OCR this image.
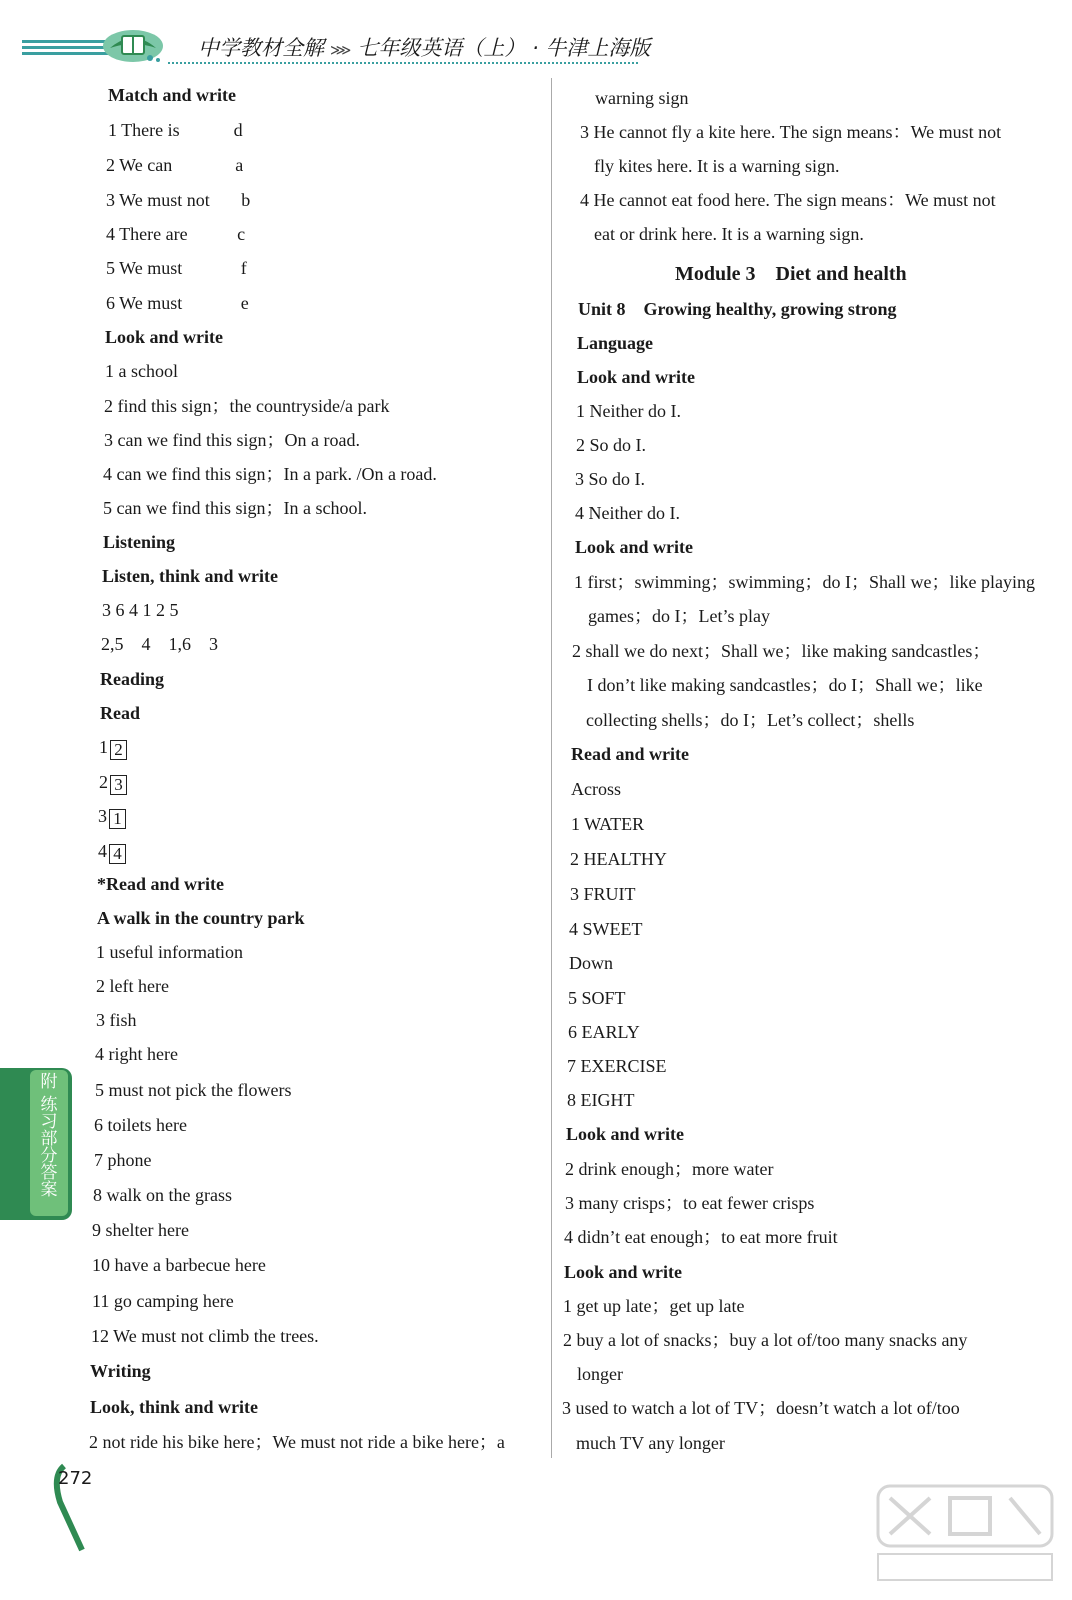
中学教材全解 ⋙ 七年级英语（上） · 牛津上海版
Match and write
1 There is            d
2 We can              a
3 We must not       b
4 There are           c
5 We must             f
6 We must             e
Look and write
1 a school
2 find this sign；the countryside/a park
3 can we find this sign；On a road.
4 can we find this sign；In a park. /On a road.
5 can we find this sign；In a school.
Listening
Listen, think and write
3 6 4 1 2 5
2,5    4    1,6    3
Reading
Read
1 2
2 3
3 1
4 4
*Read and write
A walk in the country park
1 useful information
2 left here
3 fish
4 right here
5 must not pick the flowers
6 toilets here
7 phone
8 walk on the grass
9 shelter here
10 have a barbecue here
11 go camping here
12 We must not climb the trees.
Writing
Look, think and write
2 not ride his bike here；We must not ride a bike here；a
warning sign
3 He cannot fly a kite here. The sign means：We must not
fly kites here. It is a warning sign.
4 He cannot eat food here. The sign means：We must not
eat or drink here. It is a warning sign.
Module 3    Diet and health
Unit 8    Growing healthy, growing strong
Language
Look and write
1 Neither do I.
2 So do I.
3 So do I.
4 Neither do I.
Look and write
1 first；swimming；swimming；do I；Shall we；like playing
games；do I；Let’s play
2 shall we do next；Shall we；like making sandcastles；
I don’t like making sandcastles；do I；Shall we；like
collecting shells；do I；Let’s collect；shells
Read and write
Across
1 WATER
2 HEALTHY
3 FRUIT
4 SWEET
Down
5 SOFT
6 EARLY
7 EXERCISE
8 EIGHT
Look and write
2 drink enough；more water
3 many crisps；to eat fewer crisps
4 didn’t eat enough；to eat more fruit
Look and write
1 get up late；get up late
2 buy a lot of snacks；buy a lot of/too many snacks any
longer
3 used to watch a lot of TV；doesn’t watch a lot of/too
much TV any longer
附
练
习
部
分
答
案
272
